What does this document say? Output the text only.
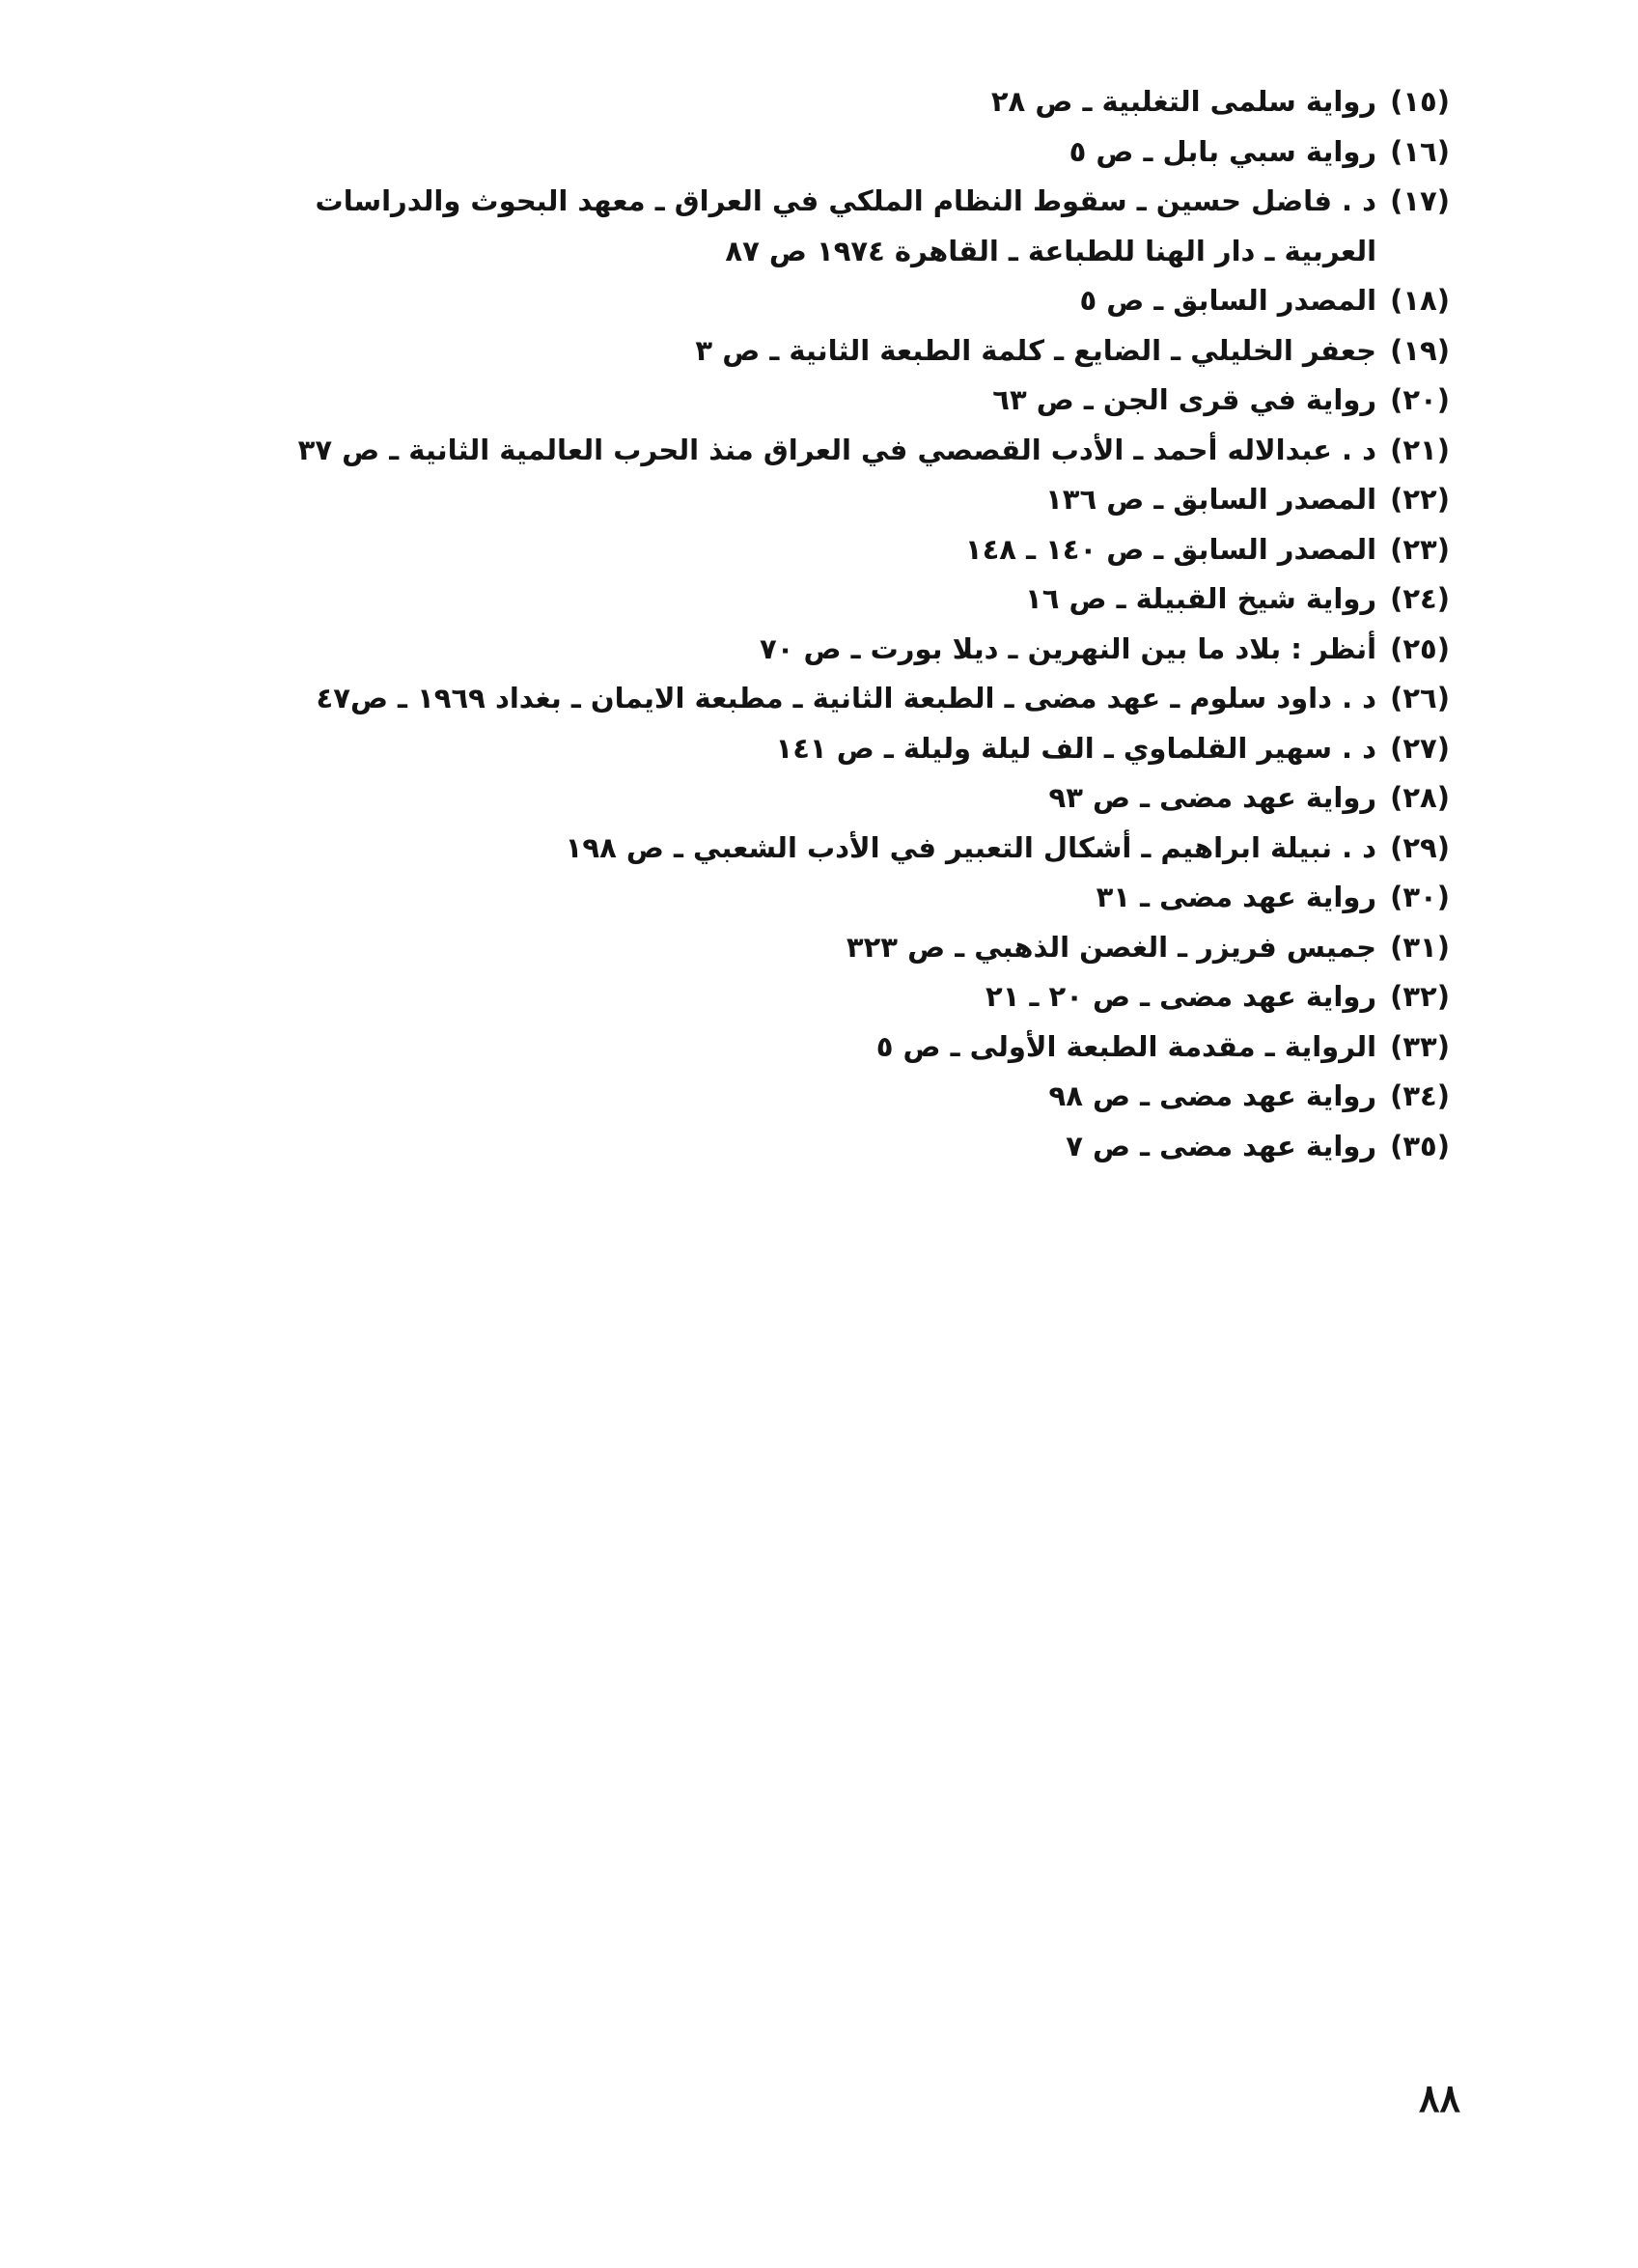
(١٥)
رواية سلمى التغلبية ـ ص ٢٨
(١٦)
رواية سبي بابل ـ ص ٥
(١٧)
د . فاضل حسين ـ سقوط النظام الملكي في العراق ـ معهد البحوث والدراسات
العربية ـ دار الهنا للطباعة ـ القاهرة ١٩٧٤ ص ٨٧
(١٨)
المصدر السابق ـ ص ٥
(١٩)
جعفر الخليلي ـ الضايع ـ كلمة الطبعة الثانية ـ ص ٣
(٢٠)
رواية في قرى الجن ـ ص ٦٣
(٢١)
د . عبدالاله أحمد ـ الأدب القصصي في العراق منذ الحرب العالمية الثانية ـ ص ٣٧
(٢٢)
المصدر السابق ـ ص ١٣٦
(٢٣)
المصدر السابق ـ ص ١٤٠ ـ ١٤٨
(٢٤)
رواية شيخ القبيلة ـ ص ١٦
(٢٥)
أنظر : بلاد ما بين النهرين ـ ديلا بورت ـ ص ٧٠
(٢٦)
د . داود سلوم ـ عهد مضى ـ الطبعة الثانية ـ مطبعة الايمان ـ بغداد ١٩٦٩ ـ ص٤٧
(٢٧)
د . سهير القلماوي ـ الف ليلة وليلة ـ ص ١٤١
(٢٨)
رواية عهد مضى ـ ص ٩٣
(٢٩)
د . نبيلة ابراهيم ـ أشكال التعبير في الأدب الشعبي ـ ص ١٩٨
(٣٠)
رواية عهد مضى ـ ٣١
(٣١)
جميس فريزر ـ الغصن الذهبي ـ ص ٣٢٣
(٣٢)
رواية عهد مضى ـ ص ٢٠ ـ ٢١
(٣٣)
الرواية ـ مقدمة الطبعة الأولى ـ ص ٥
(٣٤)
رواية عهد مضى ـ ص ٩٨
(٣٥)
رواية عهد مضى ـ ص ٧
٨٨
